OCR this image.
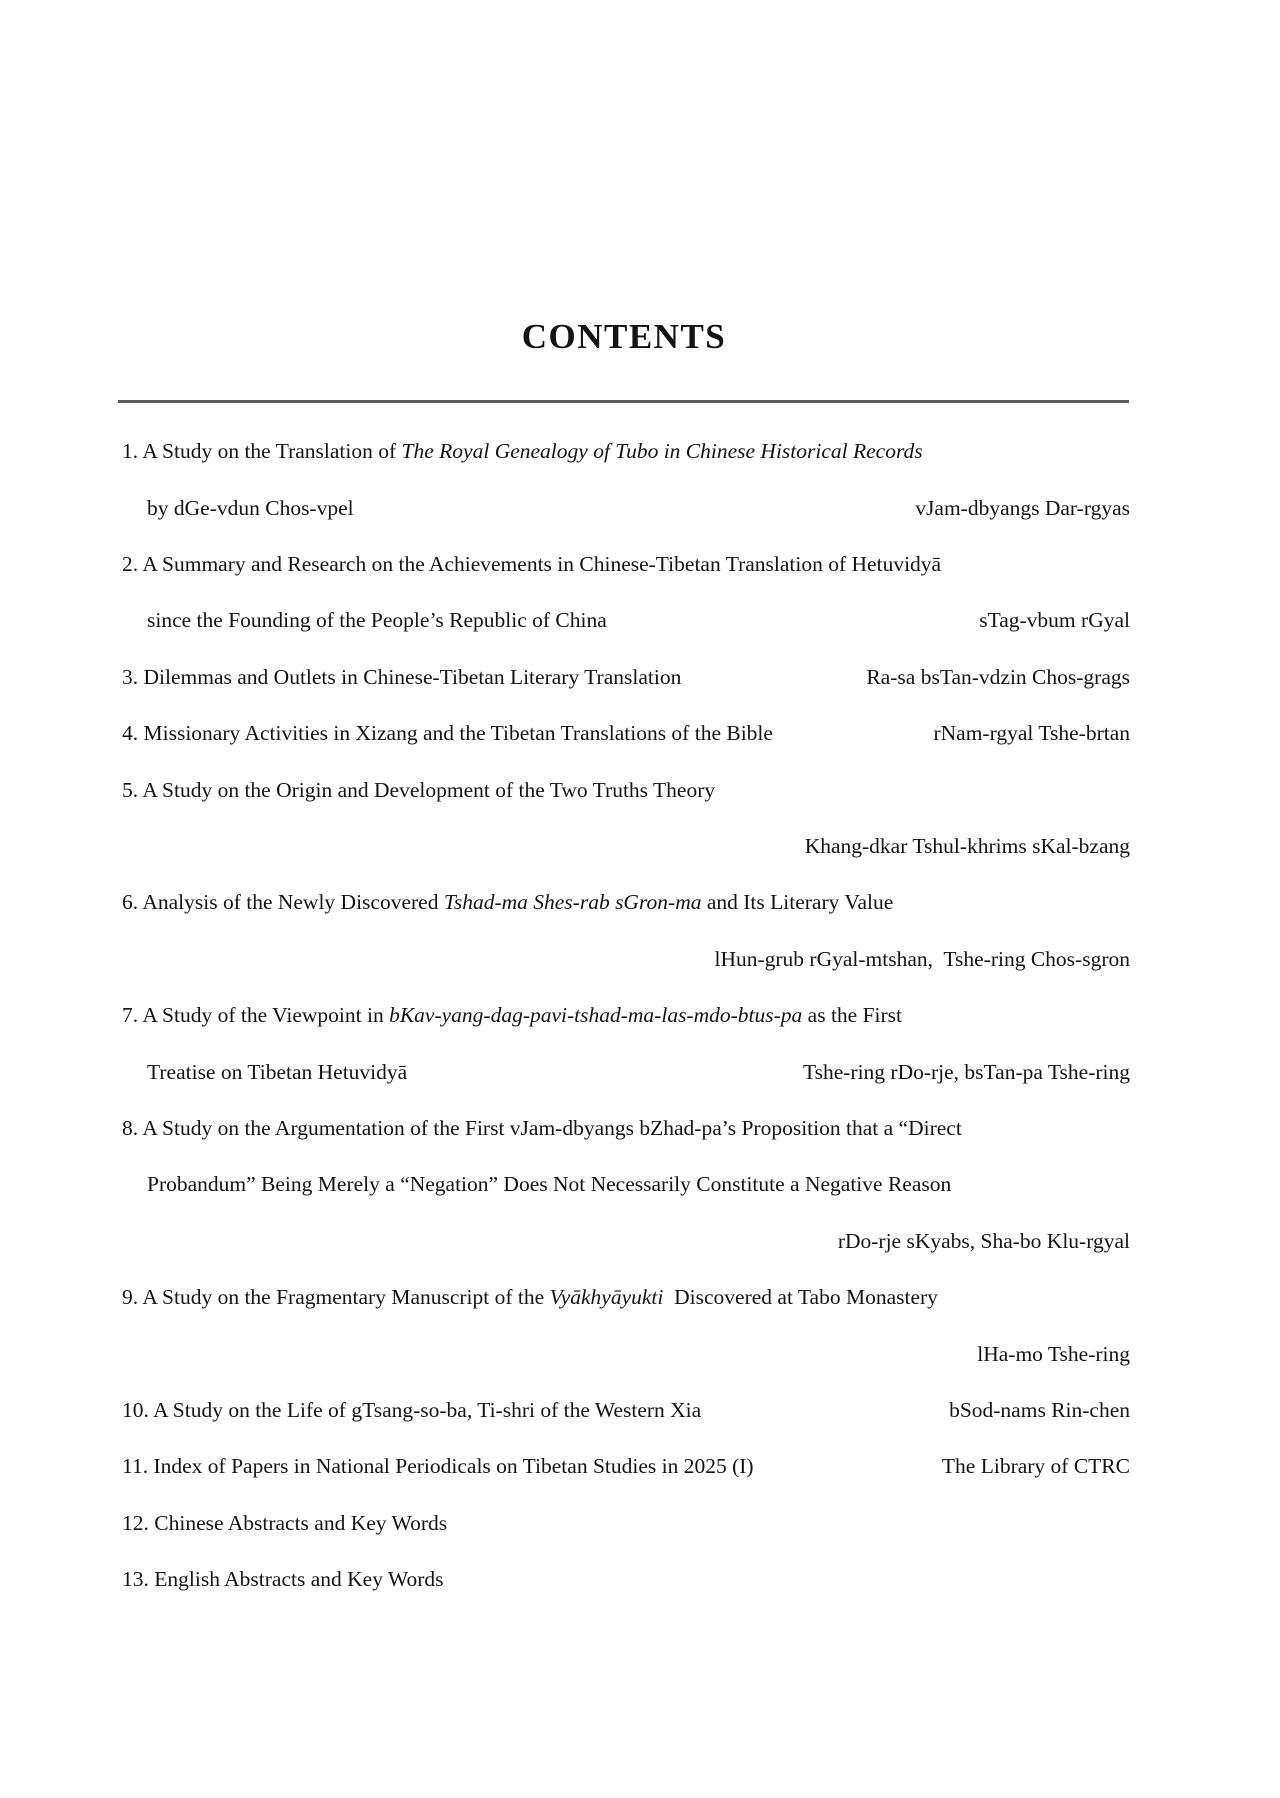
CONTENTS
1. A Study on the Translation of The Royal Genealogy of Tubo in Chinese Historical Records
by dGe-vdun Chos-vpel	vJam-dbyangs Dar-rgyas
2. A Summary and Research on the Achievements in Chinese-Tibetan Translation of Hetuvidyā
since the Founding of the People’s Republic of China	sTag-vbum rGyal
3. Dilemmas and Outlets in Chinese-Tibetan Literary Translation	Ra-sa bsTan-vdzin Chos-grags
4. Missionary Activities in Xizang and the Tibetan Translations of the Bible	rNam-rgyal Tshe-brtan
5. A Study on the Origin and Development of the Two Truths Theory
Khang-dkar Tshul-khrims sKal-bzang
6. Analysis of the Newly Discovered Tshad-ma Shes-rab sGron-ma and Its Literary Value
lHun-grub rGyal-mtshan,  Tshe-ring Chos-sgron
7. A Study of the Viewpoint in bKav-yang-dag-pavi-tshad-ma-las-mdo-btus-pa as the First
Treatise on Tibetan Hetuvidyā	Tshe-ring rDo-rje, bsTan-pa Tshe-ring
8. A Study on the Argumentation of the First vJam-dbyangs bZhad-pa’s Proposition that a “Direct
Probandum” Being Merely a “Negation” Does Not Necessarily Constitute a Negative Reason
rDo-rje sKyabs, Sha-bo Klu-rgyal
9. A Study on the Fragmentary Manuscript of the Vyākhyāyukti  Discovered at Tabo Monastery
lHa-mo Tshe-ring
10. A Study on the Life of gTsang-so-ba, Ti-shri of the Western Xia	bSod-nams Rin-chen
11. Index of Papers in National Periodicals on Tibetan Studies in 2025 (I)	The Library of CTRC
12. Chinese Abstracts and Key Words
13. English Abstracts and Key Words
